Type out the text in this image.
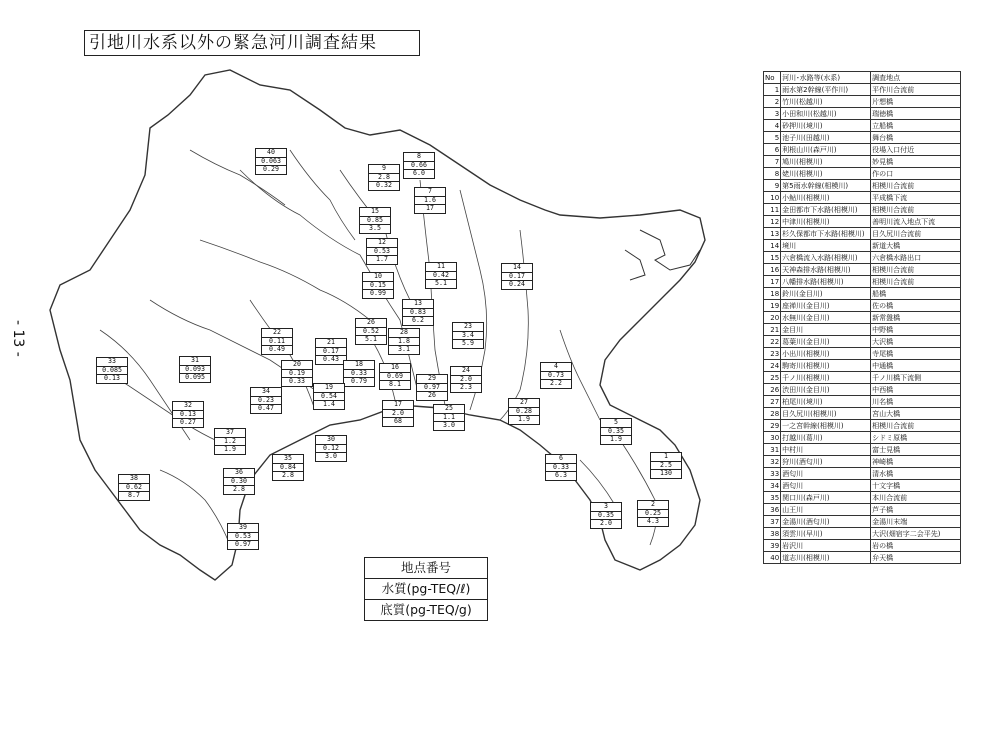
引地川水系以外の緊急河川調査結果
- 13 -
40
0.063
0.29	9
2.8
0.32
8
0.66
6.0
7
1.6
17
15
0.85
3.5
12
0.53
1.7
10
0.15
0.99
11
0.42
5.1
14
0.17
0.24
13
0.83
6.2
26
0.52
5.1
28
1.8
3.1
23
3.4
5.9
22
0.11
0.49
21
0.17
0.43
20
0.19
0.33
18
0.33
0.79
16
0.69
8.1
24
2.0
2.3
29
0.97
26
19
0.54
1.4	17
2.0
68
25
1.1
3.0
4
0.73
2.2
27
0.28
1.9
33
0.085
0.13
31
0.093
0.095
34
0.23
0.47
32
0.13
0.27
37
1.2
1.9
30
0.12
3.0
35
0.84
2.8
36
0.30
2.8
38
0.62
8.7
39
0.53
0.97
5
0.35
1.9
6
0.33
6.3
1
2.5
130
3
0.35
2.0
2
0.25
4.3
地点番号
水質(pg-TEQ/ℓ)
底質(pg-TEQ/g)
No	河川･水路等(水系)	調査地点
1	雨水第2幹線(平作川)	平作川合流前
2	竹川(松越川)	片想橋
3	小田和川(松越川)	瑞徳橋
4	砂押川(境川)	立船橋
5	池子川(田越川)	舞台橋
6	利根山川(森戸川)	役場入口付近
7	鳩川(相模川)	妙見橋
8	姥川(相模川)	作の口
9	第5雨水幹線(相模川)	相模川合流前
10	小鮎川(相模川)	平成橋下流
11	金田都市下水路(相模川)	相模川合流前
12	中津川(相模川)	善明川流入地点下流
13	杉久保都市下水路(相模川)	目久尻川合流前
14	境川	新道大橋
15	六倉橋流入水路(相模川)	六倉橋水路出口
16	天神森排水路(相模川)	相模川合流前
17	八幡排水路(相模川)	相模川合流前
18	鈴川(金目川)	船橋
19	座禅川(金目川)	佐の橋
20	水無川(金目川)	新常盤橋
21	金目川	中野橋
22	葛葉川(金目川)	大沢橋
23	小出川(相模川)	寺尾橋
24	駒寄川(相模川)	中通橋
25	千ノ川(相模川)	千ノ川橋下流側
26	渋田川(金目川)	中西橋
27	柏尾川(境川)	川名橋
28	目久尻川(相模川)	宮山大橋
29	一之宮幹線(相模川)	相模川合流前
30	打越川(葛川)	シドミ原橋
31	中村川	富士見橋
32	狩川(酒匂川)	神崎橋
33	酒匂川	清水橋
34	酒匂川	十文字橋
35	関口川(森戸川)	本川合流前
36	山王川	芦子橋
37	金湯川(酒匂川)	金湯川末端
38	須雲川(早川)	大沢(畑宿字二会平先)
39	岩沢川	岩の橋
40	道志川(相模川)	弁天橋
